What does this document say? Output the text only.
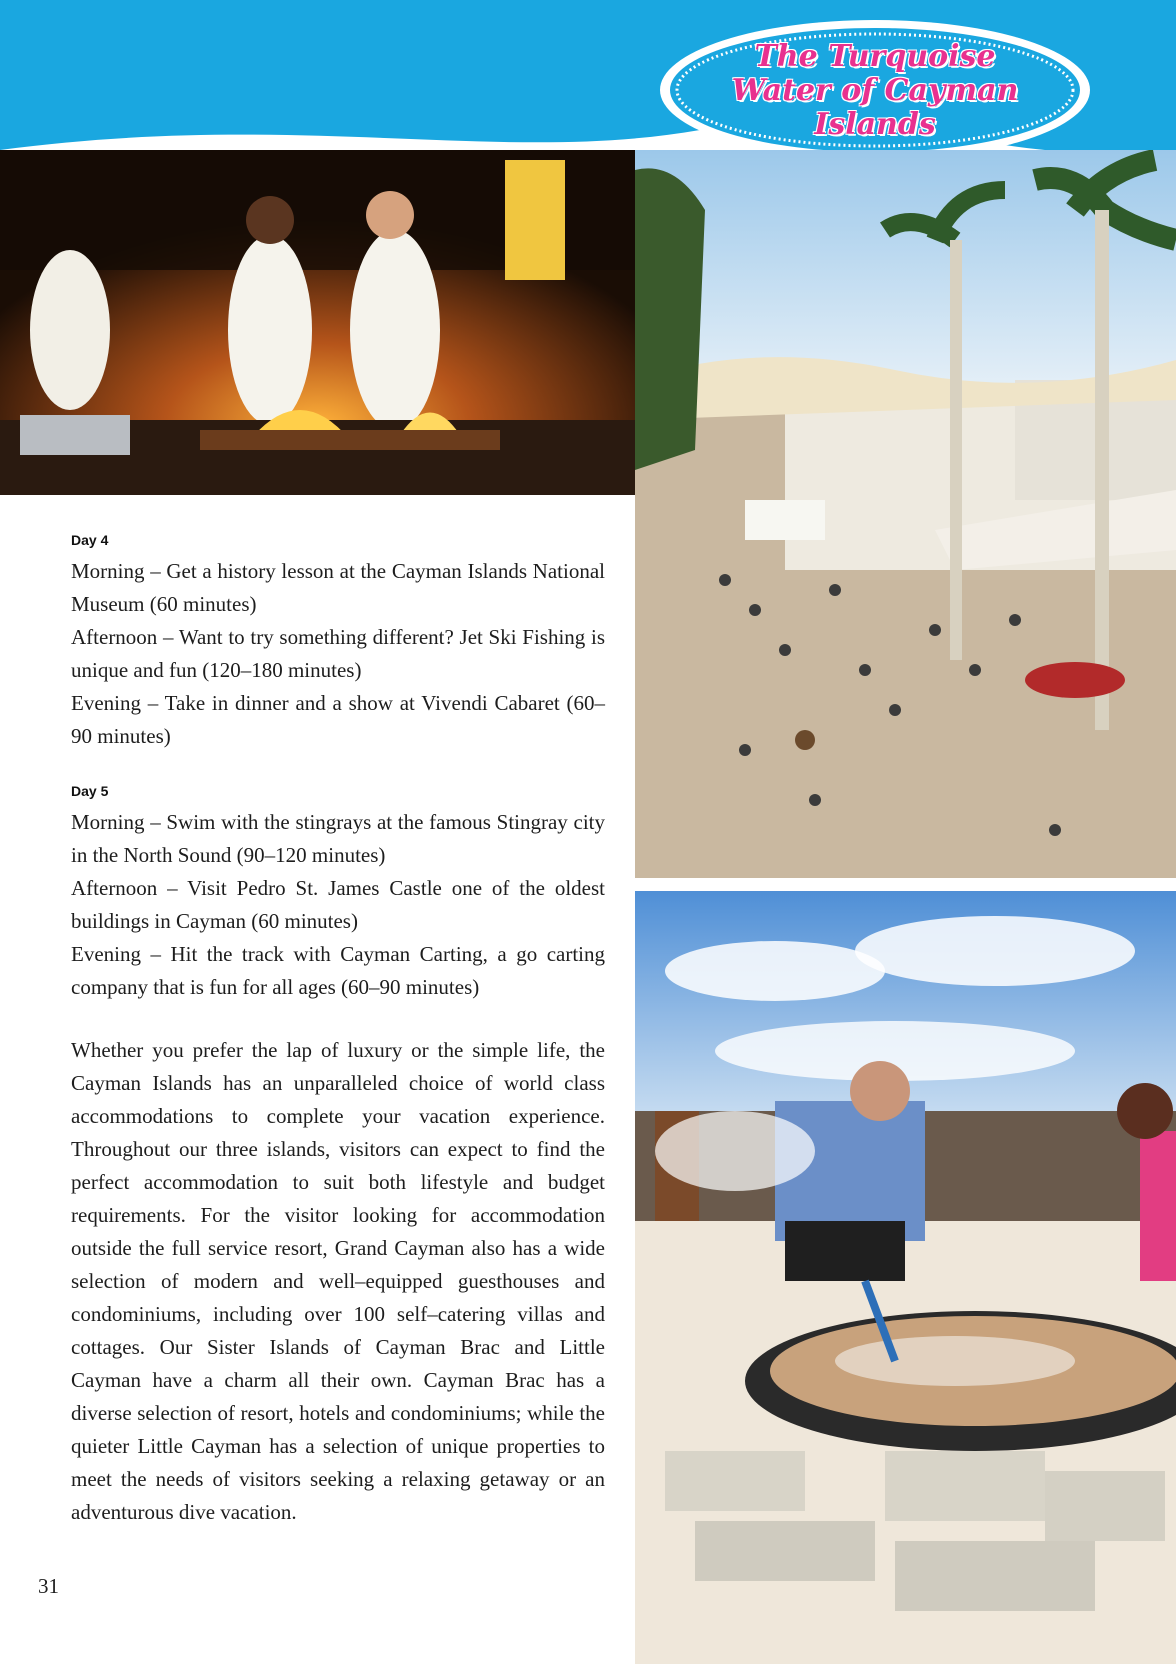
The Turquoise
Water of Cayman
Islands
Day 4

Morning – Get a history lesson at the Cayman Islands National Museum (60 minutes)

Afternoon – Want to try something different? Jet Ski Fishing is unique and fun (120–180 minutes)

Evening – Take in dinner and a show at Vivendi Cabaret (60–90 minutes)

Day 5

Morning – Swim with the stingrays at the famous Stingray city in the North Sound (90–120 minutes)

Afternoon – Visit Pedro St. James Castle one of the oldest buildings in Cayman (60 minutes)

Evening – Hit the track with Cayman Carting, a go carting company that is fun for all ages (60–90 minutes)

Whether you prefer the lap of luxury or the simple life, the Cayman Islands has an unparalleled choice of world class accommodations to complete your vacation experience. Throughout our three islands, visitors can expect to find the perfect accommodation to suit both lifestyle and budget requirements. For the visitor looking for accommodation outside the full service resort, Grand Cayman also has a wide selection of modern and well–equipped guesthouses and condominiums, including over 100 self–catering villas and cottages. Our Sister Islands of Cayman Brac and Little Cayman have a charm all their own. Cayman Brac has a diverse selection of resort, hotels and condominiums; while the quieter Little Cayman has a selection of unique properties to meet the needs of visitors seeking a relaxing getaway or an adventurous dive vacation.

31
